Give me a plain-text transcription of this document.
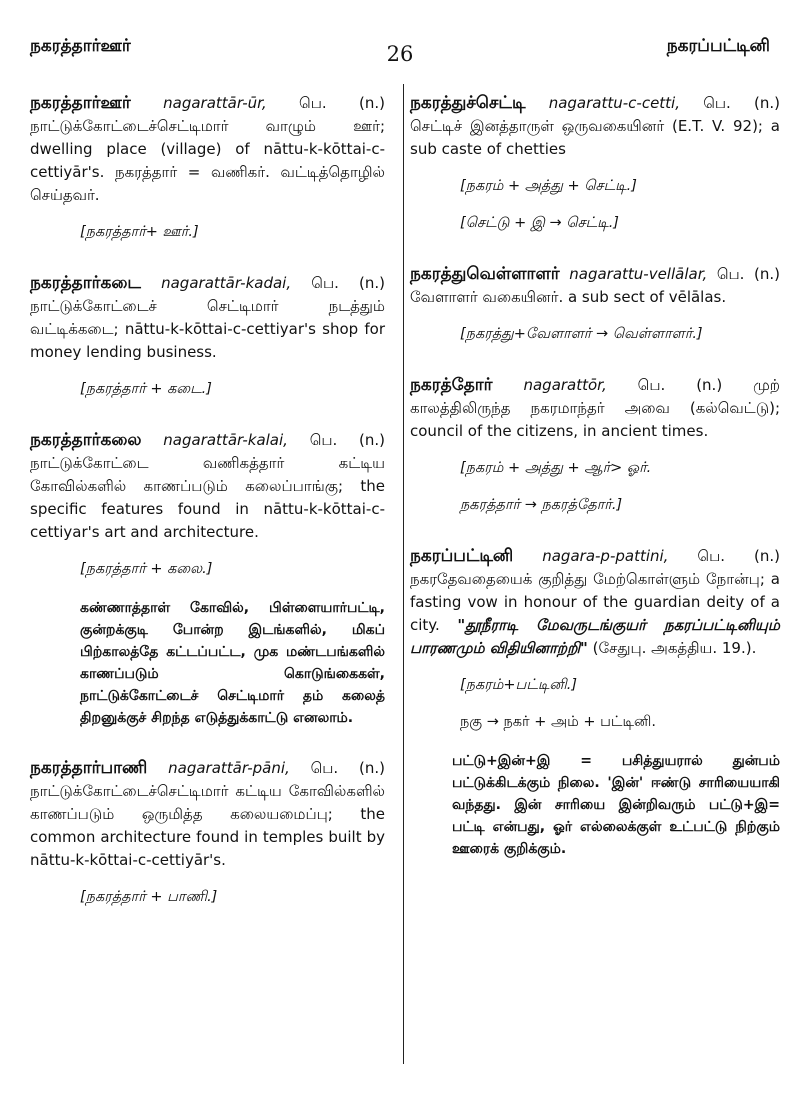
நகரத்தார்ஊர்	26	நகரப்பட்டினி
நகரத்தார்ஊர் nagarattār-ūr, பெ. (n.) நாட்டுக்கோட்டைச்செட்டிமார் வாழும் ஊர்; dwelling place (village) of nāttu-k-kōttai-c-cettiyār's. நகரத்தார் = வணிகர். வட்டித்தொழில் செய்தவர்.
[நகரத்தார்+ ஊர்.]
நகரத்தார்கடை nagarattār-kadai, பெ. (n.) நாட்டுக்கோட்டைச் செட்டிமார் நடத்தும் வட்டிக்கடை; nāttu-k-kōttai-c-cettiyar's shop for money lending business.
[நகரத்தார் + கடை.]
நகரத்தார்கலை nagarattār-kalai, பெ. (n.) நாட்டுக்கோட்டை வணிகத்தார் கட்டிய கோவில்களில் காணப்படும் கலைப்பாங்கு; the specific features found in nāttu-k-kōttai-c-cettiyar's art and architecture.
[நகரத்தார் + கலை.]
கண்ணாத்தாள் கோவில், பிள்ளையார்பட்டி, குன்றக்குடி போன்ற இடங்களில், மிகப் பிற்காலத்தே கட்டப்பட்ட, முக மண்டபங்களில் காணப்படும் கொடுங்கைகள், நாட்டுக்கோட்டைச் செட்டிமார் தம் கலைத் திறனுக்குச் சிறந்த எடுத்துக்காட்டு எனலாம்.
நகரத்தார்பாணி nagarattār-pāni, பெ. (n.) நாட்டுக்கோட்டைச்செட்டிமார் கட்டிய கோவில்களில் காணப்படும் ஒருமித்த கலையமைப்பு; the common architecture found in temples built by nāttu-k-kōttai-c-cettiyār's.
[நகரத்தார் + பாணி.]
நகரத்துச்செட்டி nagarattu-c-cetti, பெ. (n.) செட்டிச் இனத்தாருள் ஒருவகையினர் (E.T. V. 92); a sub caste of chetties
[நகரம் + அத்து + செட்டி.]
[செட்டு + இ → செட்டி.]
நகரத்துவெள்ளாளர் nagarattu-vellālar, பெ. (n.) வேளாளர் வகையினர். a sub sect of vēlālas.
[நகரத்து+வேளாளர் → வெள்ளாளர்.]
நகரத்தோர் nagarattōr, பெ. (n.) முற் காலத்திலிருந்த நகரமாந்தர் அவை (கல்வெட்டு); council of the citizens, in ancient times.
[நகரம் + அத்து + ஆர்> ஓர்.
நகரத்தார் → நகரத்தோர்.]
நகரப்பட்டினி nagara-p-pattini, பெ. (n.) நகரதேவதையைக் குறித்து மேற்கொள்ளும் நோன்பு; a fasting vow in honour of the guardian deity of a city. "தூநீராடி மேவருடங்குயர் நகரப்பட்டினியும் பாரணமும் விதியினாற்றி" (சேதுபு. அகத்திய. 19.).
[நகரம்+பட்டினி.]
நகு → நகர் + அம் + பட்டினி.
பட்டு+இன்+இ = பசித்துயரால் துன்பம் பட்டுக்கிடக்கும் நிலை. 'இன்' ஈண்டு சாரியையாகி வந்தது. இன் சாரியை இன்றிவரும் பட்டு+இ= பட்டி என்பது, ஓர் எல்லைக்குள் உட்பட்டு நிற்கும் ஊரைக் குறிக்கும்.
